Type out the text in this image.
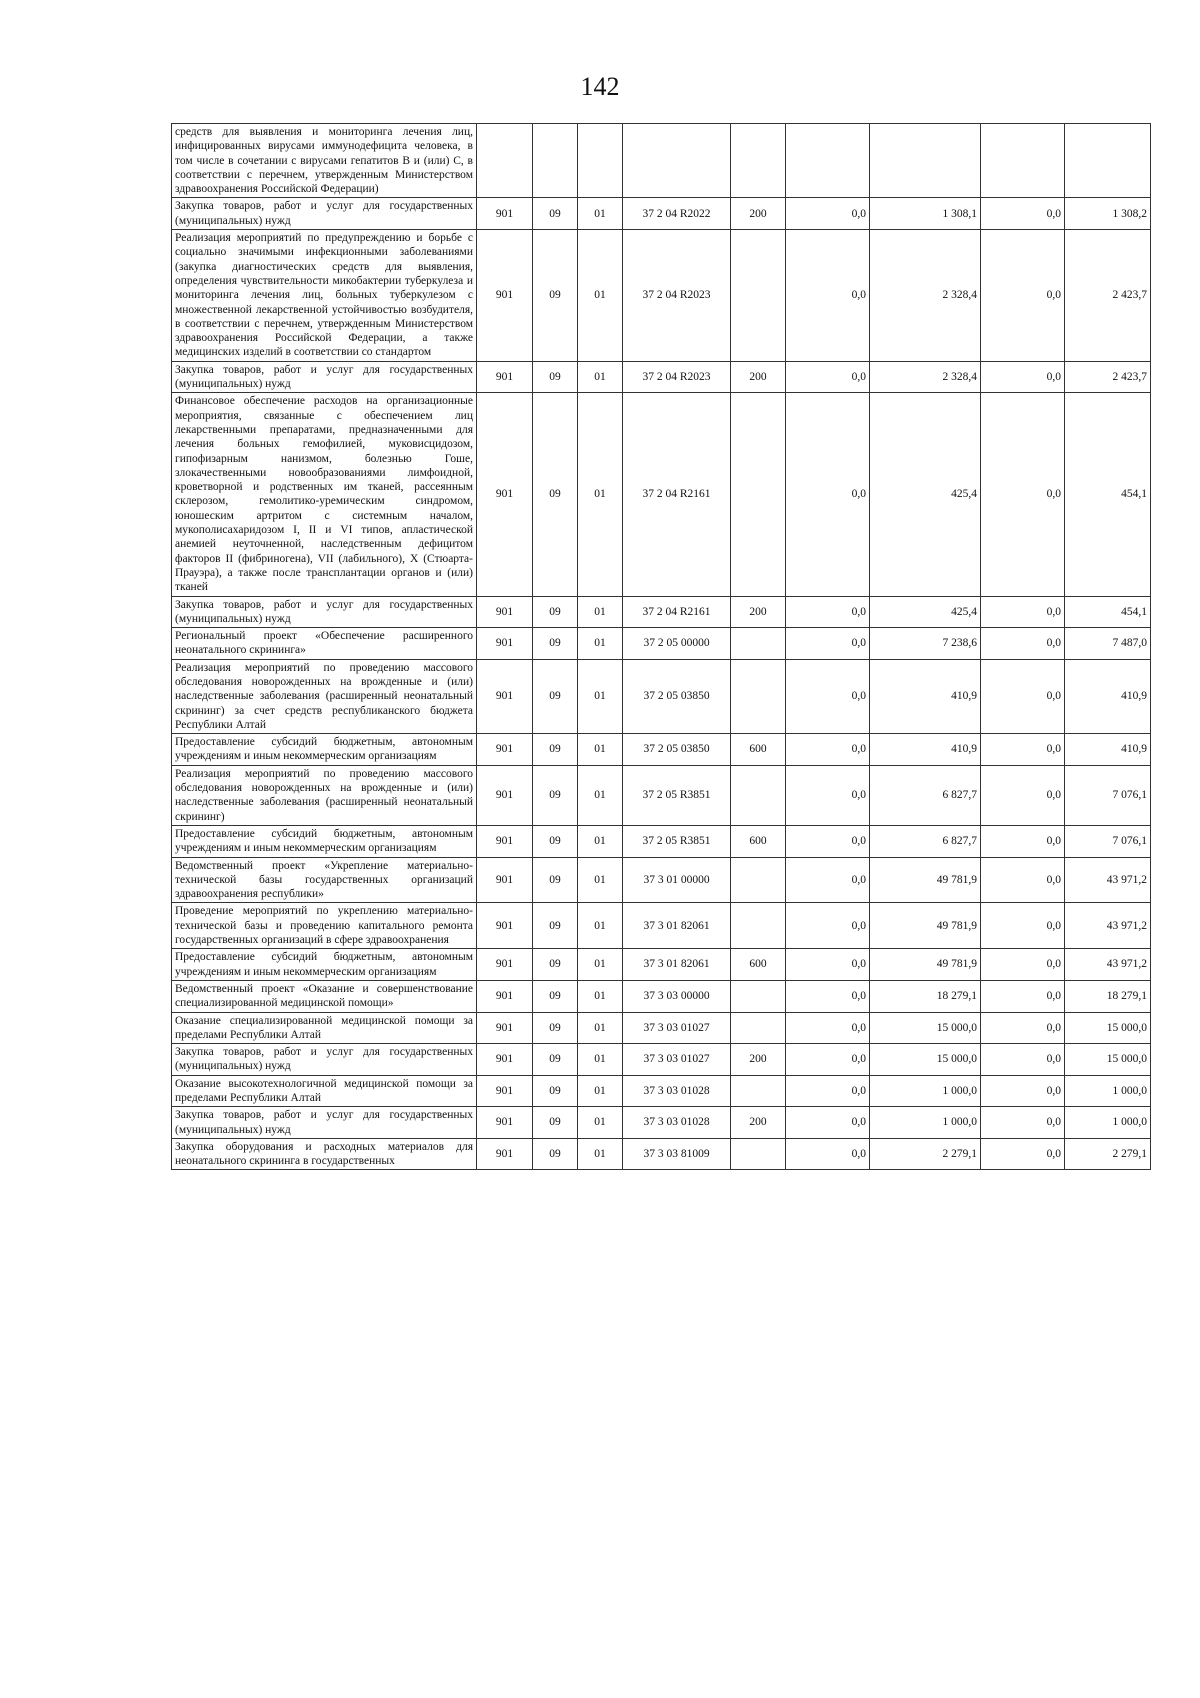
142
средств для выявления и мониторинга лечения лиц, инфицированных вирусами иммунодефицита человека, в том числе в сочетании с вирусами гепатитов В и (или) С, в соответствии с перечнем, утвержденным Министерством здравоохранения Российской Федерации)									
Закупка товаров, работ и услуг для государственных (муниципальных) нужд	901	09	01	37 2 04 R2022	200	0,0	1 308,1	0,0	1 308,2
Реализация мероприятий по предупреждению и борьбе с социально значимыми инфекционными заболеваниями (закупка диагностических средств для выявления, определения чувствительности микобактерии туберкулеза и мониторинга лечения лиц, больных туберкулезом с множественной лекарственной устойчивостью возбудителя, в соответствии с перечнем, утвержденным Министерством здравоохранения Российской Федерации, а также медицинских изделий в соответствии со стандартом	901	09	01	37 2 04 R2023		0,0	2 328,4	0,0	2 423,7
Закупка товаров, работ и услуг для государственных (муниципальных) нужд	901	09	01	37 2 04 R2023	200	0,0	2 328,4	0,0	2 423,7
Финансовое обеспечение расходов на организационные мероприятия, связанные с обеспечением лиц лекарственными препаратами, предназначенными для лечения больных гемофилией, муковисцидозом, гипофизарным нанизмом, болезнью Гоше, злокачественными новообразованиями лимфоидной, кроветворной и родственных им тканей, рассеянным склерозом, гемолитико-уремическим синдромом, юношеским артритом с системным началом, мукополисахаридозом I, II и VI типов, апластической анемией неуточненной, наследственным дефицитом факторов II (фибриногена), VII (лабильного), X (Стюарта-Прауэра), а также после трансплантации органов и (или) тканей	901	09	01	37 2 04 R2161		0,0	425,4	0,0	454,1
Закупка товаров, работ и услуг для государственных (муниципальных) нужд	901	09	01	37 2 04 R2161	200	0,0	425,4	0,0	454,1
Региональный проект «Обеспечение расширенного неонатального скрининга»	901	09	01	37 2 05 00000		0,0	7 238,6	0,0	7 487,0
Реализация мероприятий по проведению массового обследования новорожденных на врожденные и (или) наследственные заболевания (расширенный неонатальный скрининг) за счет средств республиканского бюджета Республики Алтай	901	09	01	37 2 05 03850		0,0	410,9	0,0	410,9
Предоставление субсидий бюджетным, автономным учреждениям и иным некоммерческим организациям	901	09	01	37 2 05 03850	600	0,0	410,9	0,0	410,9
Реализация мероприятий по проведению массового обследования новорожденных на врожденные и (или) наследственные заболевания (расширенный неонатальный скрининг)	901	09	01	37 2 05 R3851		0,0	6 827,7	0,0	7 076,1
Предоставление субсидий бюджетным, автономным учреждениям и иным некоммерческим организациям	901	09	01	37 2 05 R3851	600	0,0	6 827,7	0,0	7 076,1
Ведомственный проект «Укрепление материально-технической базы государственных организаций здравоохранения республики»	901	09	01	37 3 01 00000		0,0	49 781,9	0,0	43 971,2
Проведение мероприятий по укреплению материально-технической базы и проведению капитального ремонта государственных организаций в сфере здравоохранения	901	09	01	37 3 01 82061		0,0	49 781,9	0,0	43 971,2
Предоставление субсидий бюджетным, автономным учреждениям и иным некоммерческим организациям	901	09	01	37 3 01 82061	600	0,0	49 781,9	0,0	43 971,2
Ведомственный проект «Оказание и совершенствование специализированной медицинской помощи»	901	09	01	37 3 03 00000		0,0	18 279,1	0,0	18 279,1
Оказание специализированной медицинской помощи за пределами Республики Алтай	901	09	01	37 3 03 01027		0,0	15 000,0	0,0	15 000,0
Закупка товаров, работ и услуг для государственных (муниципальных) нужд	901	09	01	37 3 03 01027	200	0,0	15 000,0	0,0	15 000,0
Оказание высокотехнологичной медицинской помощи за пределами Республики Алтай	901	09	01	37 3 03 01028		0,0	1 000,0	0,0	1 000,0
Закупка товаров, работ и услуг для государственных (муниципальных) нужд	901	09	01	37 3 03 01028	200	0,0	1 000,0	0,0	1 000,0
Закупка оборудования и расходных материалов для неонатального скрининга в государственных	901	09	01	37 3 03 81009		0,0	2 279,1	0,0	2 279,1
